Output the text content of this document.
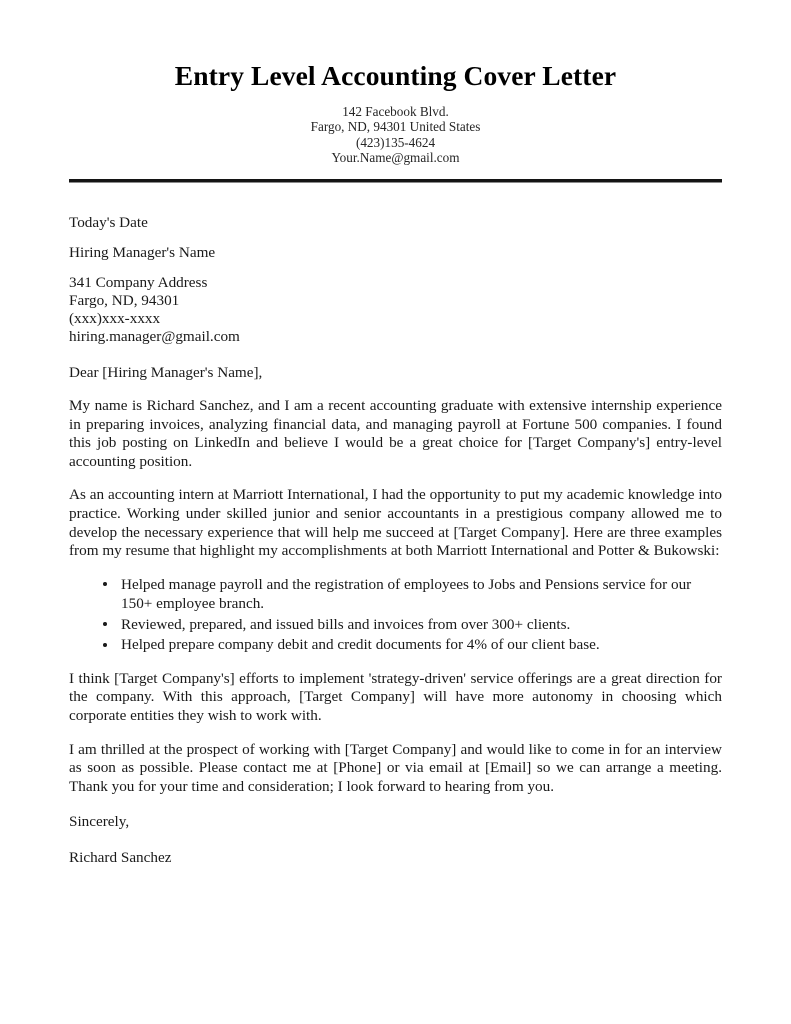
Entry Level Accounting Cover Letter
142 Facebook Blvd.
Fargo, ND, 94301 United States
(423)135-4624
Your.Name@gmail.com
Today's Date
Hiring Manager's Name
341 Company Address
Fargo, ND, 94301
(xxx)xxx-xxxx
hiring.manager@gmail.com
Dear [Hiring Manager's Name],

My name is Richard Sanchez, and I am a recent accounting graduate with extensive internship experience in preparing invoices, analyzing financial data, and managing payroll at Fortune 500 companies. I found this job posting on LinkedIn and believe I would be a great choice for [Target Company's] entry-level accounting position.

As an accounting intern at Marriott International, I had the opportunity to put my academic knowledge into practice. Working under skilled junior and senior accountants in a prestigious company allowed me to develop the necessary experience that will help me succeed at [Target Company]. Here are three examples from my resume that highlight my accomplishments at both Marriott International and Potter & Bukowski:

Helped manage payroll and the registration of employees to Jobs and Pensions service for our 150+ employee branch.
Reviewed, prepared, and issued bills and invoices from over 300+ clients.
Helped prepare company debit and credit documents for 4% of our client base.

I think [Target Company's] efforts to implement 'strategy-driven' service offerings are a great direction for the company. With this approach, [Target Company] will have more autonomy in choosing which corporate entities they wish to work with.

I am thrilled at the prospect of working with [Target Company] and would like to come in for an interview as soon as possible. Please contact me at [Phone] or via email at [Email] so we can arrange a meeting. Thank you for your time and consideration; I look forward to hearing from you.

Sincerely,
Richard Sanchez
